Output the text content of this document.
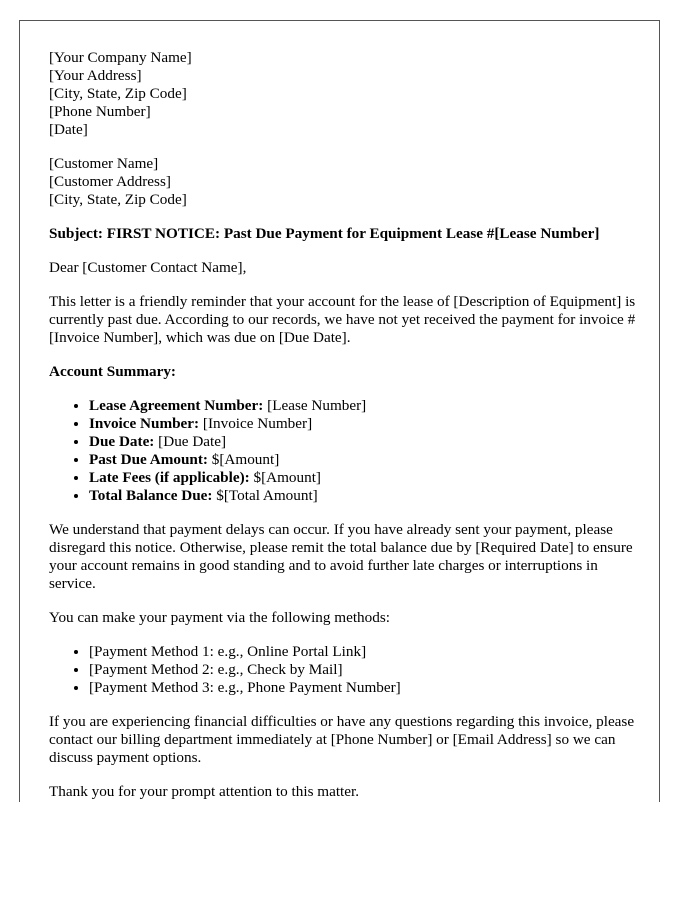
[Your Company Name]
[Your Address]
[City, State, Zip Code]
[Phone Number]
[Date]
[Customer Name]
[Customer Address]
[City, State, Zip Code]

Subject: FIRST NOTICE: Past Due Payment for Equipment Lease #[Lease Number]

Dear [Customer Contact Name],

This letter is a friendly reminder that your account for the lease of [Description of Equipment] is currently past due. According to our records, we have not yet received the payment for invoice #[Invoice Number], which was due on [Due Date].

Account Summary:

• Lease Agreement Number: [Lease Number]
• Invoice Number: [Invoice Number]
• Due Date: [Due Date]
• Past Due Amount: $[Amount]
• Late Fees (if applicable): $[Amount]
• Total Balance Due: $[Total Amount]

We understand that payment delays can occur. If you have already sent your payment, please disregard this notice. Otherwise, please remit the total balance due by [Required Date] to ensure your account remains in good standing and to avoid further late charges or interruptions in service.

You can make your payment via the following methods:

• [Payment Method 1: e.g., Online Portal Link]
• [Payment Method 2: e.g., Check by Mail]
• [Payment Method 3: e.g., Phone Payment Number]

If you are experiencing financial difficulties or have any questions regarding this invoice, please contact our billing department immediately at [Phone Number] or [Email Address] so we can discuss payment options.

Thank you for your prompt attention to this matter.
